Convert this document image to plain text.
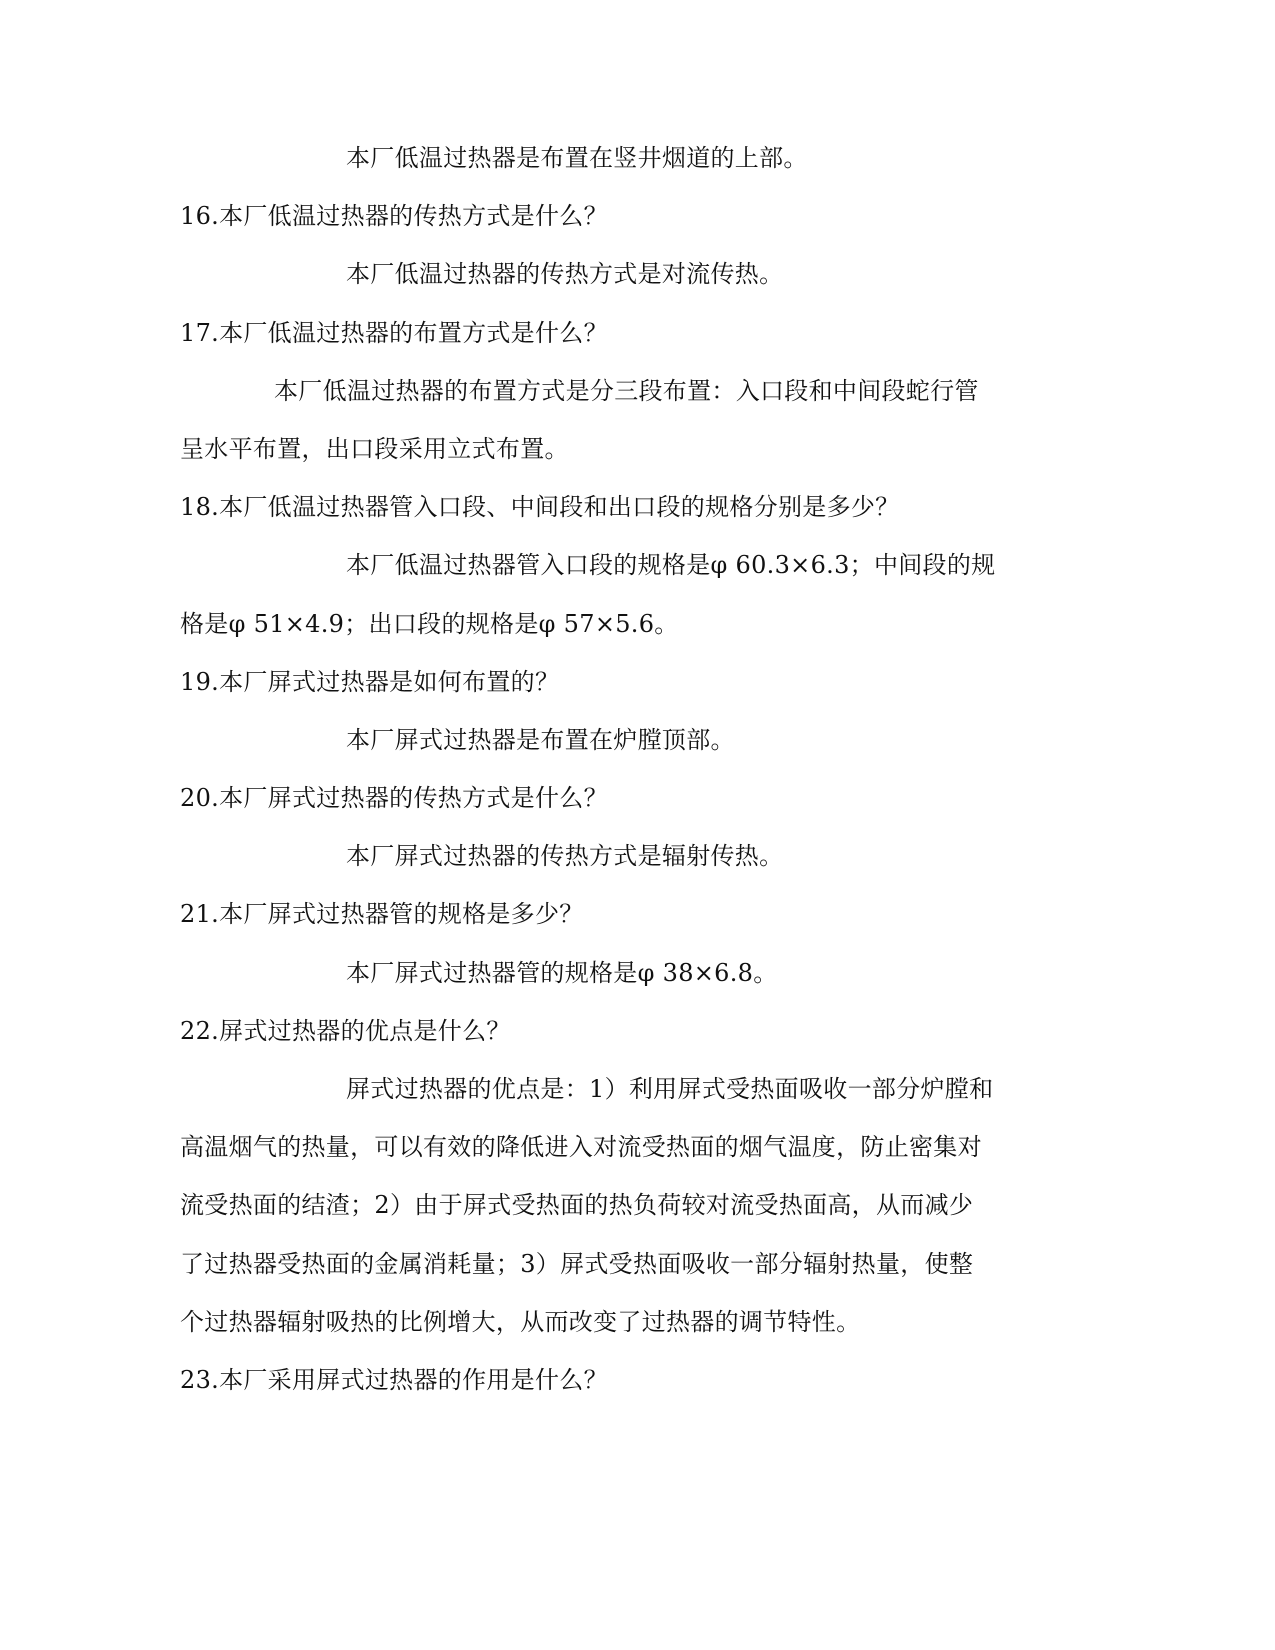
本厂低温过热器是布置在竖井烟道的上部。
16.本厂低温过热器的传热方式是什么？
本厂低温过热器的传热方式是对流传热。
17.本厂低温过热器的布置方式是什么？
本厂低温过热器的布置方式是分三段布置：入口段和中间段蛇行管
呈水平布置，出口段采用立式布置。
18.本厂低温过热器管入口段、中间段和出口段的规格分别是多少？
本厂低温过热器管入口段的规格是φ 60.3×6.3；中间段的规
格是φ 51×4.9；出口段的规格是φ 57×5.6。
19.本厂屏式过热器是如何布置的？
本厂屏式过热器是布置在炉膛顶部。
20.本厂屏式过热器的传热方式是什么？
本厂屏式过热器的传热方式是辐射传热。
21.本厂屏式过热器管的规格是多少？
本厂屏式过热器管的规格是φ 38×6.8。
22.屏式过热器的优点是什么？
屏式过热器的优点是：1）利用屏式受热面吸收一部分炉膛和
高温烟气的热量，可以有效的降低进入对流受热面的烟气温度，防止密集对
流受热面的结渣；2）由于屏式受热面的热负荷较对流受热面高，从而减少
了过热器受热面的金属消耗量；3）屏式受热面吸收一部分辐射热量，使整
个过热器辐射吸热的比例增大，从而改变了过热器的调节特性。
23.本厂采用屏式过热器的作用是什么？
